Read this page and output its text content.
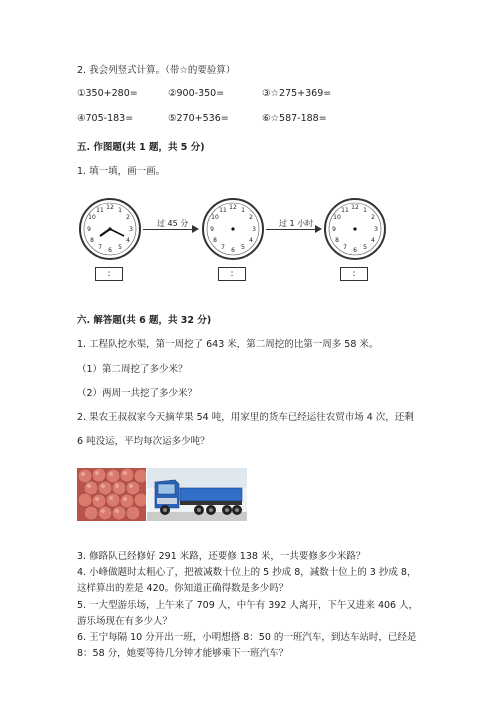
2. 我会列竖式计算。（带☆的要验算）
①350+280=	②900-350=	③☆275+369=
④705-183=	⑤270+536=	⑥☆587-188=
五. 作图题(共 1 题，共 5 分)
1. 填一填，画一画。
12 1
2
3
4
5
6
7
8
9
10
11
过 45 分
12 1
2
3
4
5
6
7
8
9
10
11
过 1 小时
12 1
2
3
4
5
6
7
8
9
10
11
:	:	:
六. 解答题(共 6 题，共 32 分)
1. 工程队挖水渠，第一周挖了 643 米，第二周挖的比第一周多 58 米。
（1）第二周挖了多少米？
（2）两周一共挖了多少米？
2. 果农王叔叔家今天摘苹果 54 吨，用家里的货车已经运往农贸市场 4 次，还剩
6 吨没运，平均每次运多少吨？
3. 修路队已经修好 291 米路，还要修 138 米，一共要修多少米路？
4. 小峰做题时太粗心了，把被减数十位上的 5 抄成 8，减数十位上的 3 抄成 8，
这样算出的差是 420。你知道正确得数是多少吗？
5. 一大型游乐场，上午来了 709 人，中午有 392 人离开，下午又进来 406 人，
游乐场现在有多少人？
6. 王宁每隔 10 分开出一班，小明想搭 8：50 的一班汽车，到达车站时，已经是
8：58 分，她要等待几分钟才能够乘下一班汽车？
